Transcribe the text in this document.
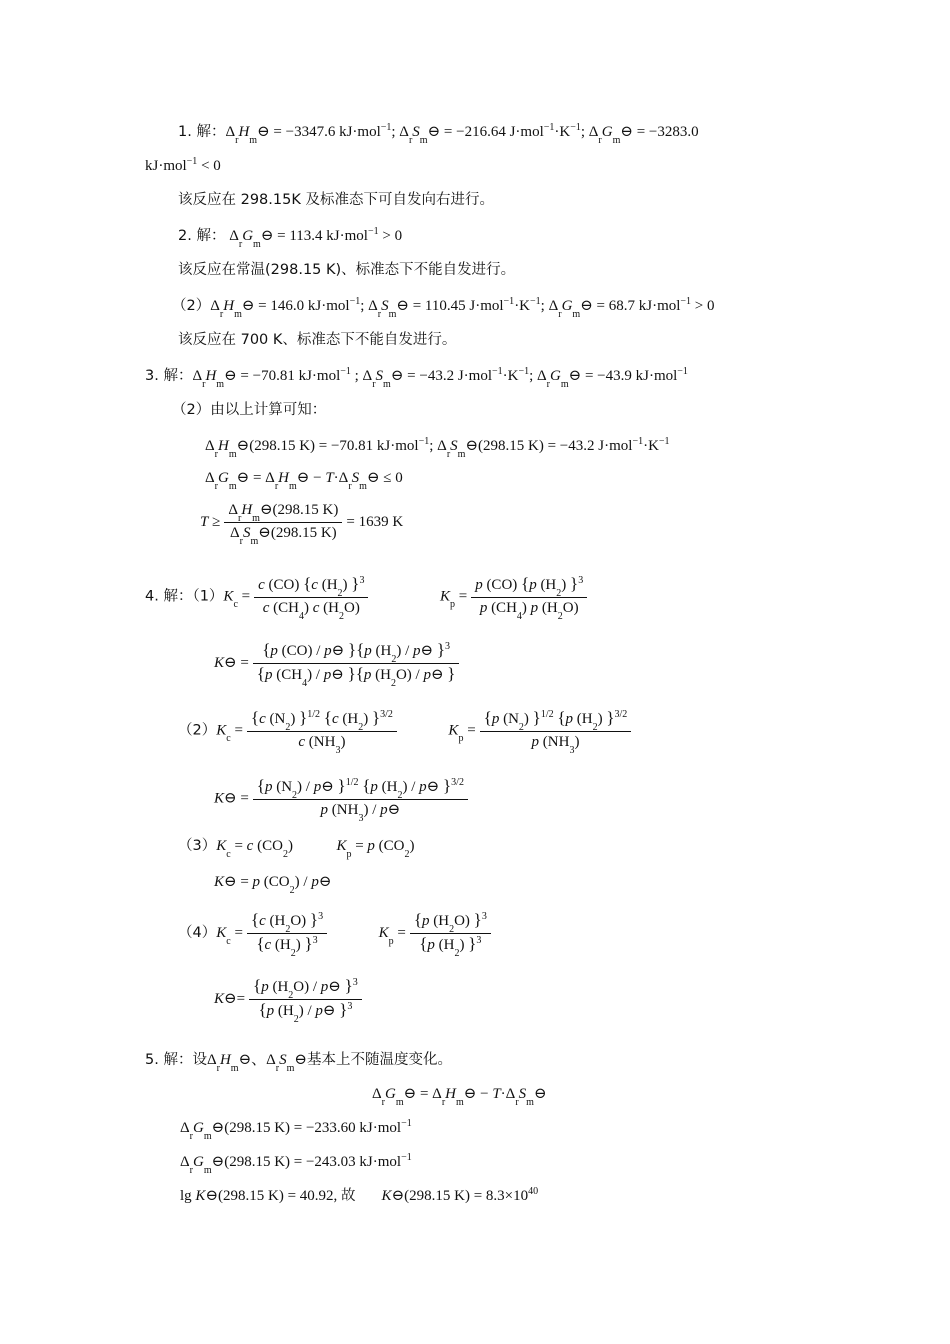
1. 解：$\Delta_rH_m⊖ = -3347.6$ kJ·mol$^{-1}$; $\Delta_rS_m⊖ = -216.64$ $J\cdot mol^{-1}\cdot K^{-1}$; $\Delta_rG_m⊖ = -3283.0$
kJ·mol$^{-1}$ < 0
该反应在 298.15K 及标准态下可自发向右进行。
2. 解： $\Delta_rG_m⊖ = 113.4$ kJ·mol$^{-1}$ > 0
该反应在常温(298.15 K)、标准态下不能自发进行。
$(2)\Delta_rH_m⊖ = 146.0$ kJ·mol$^{-1}$; $\Delta_rS_m⊖ = 110.45$ $J\cdot mol^{-1}\cdot K^{-1}$; $\Delta_rG_m⊖ = 68.7$ kJ·mol$^{-1}$ > 0
该反应在 700 K、标准态下不能自发进行。
3. 解：$\Delta_rH_m⊖ = -70.81$ kJ·mol$^{-1}$ ; $\Delta_rS_m⊖ = -43.2$ $J\cdot mol^{-1}\cdot K^{-1}$; $\Delta_rG_m⊖ = -43.9$ kJ·mol$^{-1}$
（2）由以上计算可知：
$\Delta_rH_m⊖(298.15$ K) = −70.81 kJ·mol$^{-1}$; $\Delta_rS_m⊖(298.15$ K) = −43.2 $J\cdot mol^{-1}\cdot K^{-1}$
$\Delta_rG_m⊖$ = $\Delta_rH_m⊖$ − $T\cdot\Delta_rS_m⊖ \le 0$
T ≥
$\Delta_rH_m⊖(298.15$ K)
$\Delta_rS_m⊖(298.15$ K)
= 1639 K
4. 解：$(1)K_c = \frac{c (CO) \{c (H_2) \}^3}{c (CH_4) c (H_2O)}$	$K_p = \frac{p (CO) \{p (H_2) \}^3}{p (CH_4) p (H_2O)}$
K⊖ = $\frac{\{p (CO) / p⊖ \}\{p (H_2) / p⊖ \}^3}{\{p (CH_4) / p⊖ \}\{p (H_2O) / p⊖ \}}$
$(2)K_c = \frac{\{c (N_2) \}^{1/2} \{c (H_2) \}^{3/2}}{c (NH_3)}$	$K_p = \frac{\{p (N_2) \}^{1/2} \{p (H_2) \}^{3/2}}{p (NH_3)}$
K⊖ = $\frac{\{p (N_2) / p⊖ \}^{1/2} \{p (H_2) / p⊖ \}^{3/2}}{p (NH_3) / p⊖}$
$(3)K_c = c$ $(CO_2)$	$K_p = p$ $(CO_2)$
K⊖ = p $(CO_2)$ / p⊖
$(4)K_c = \frac{\{c (H_2O) \}^3}{\{c (H_2) \}^3}$	$K_p = \frac{\{p (H_2O) \}^3}{\{p (H_2) \}^3}$
K⊖= $\frac{\{p (H_2O) / p⊖ \}^3}{\{p (H_2) / p⊖ \}^3}$
5. 解：设$\Delta_rH_m⊖$、$\Delta_rS_m⊖$基本上不随温度变化。
$\Delta_rG_m⊖$ = $\Delta_rH_m⊖$ − $T\cdot\Delta_rS_m⊖$
$\Delta_rG_m⊖(298.15$ K) = −233.60 kJ·mol$^{-1}$
$\Delta_rG_m⊖(298.15$ K) = −243.03 kJ·mol$^{-1}$
lg K⊖(298.15 K) = 40.92, 故 K⊖(298.15 $K) = 8.3\times 10^{40}$
